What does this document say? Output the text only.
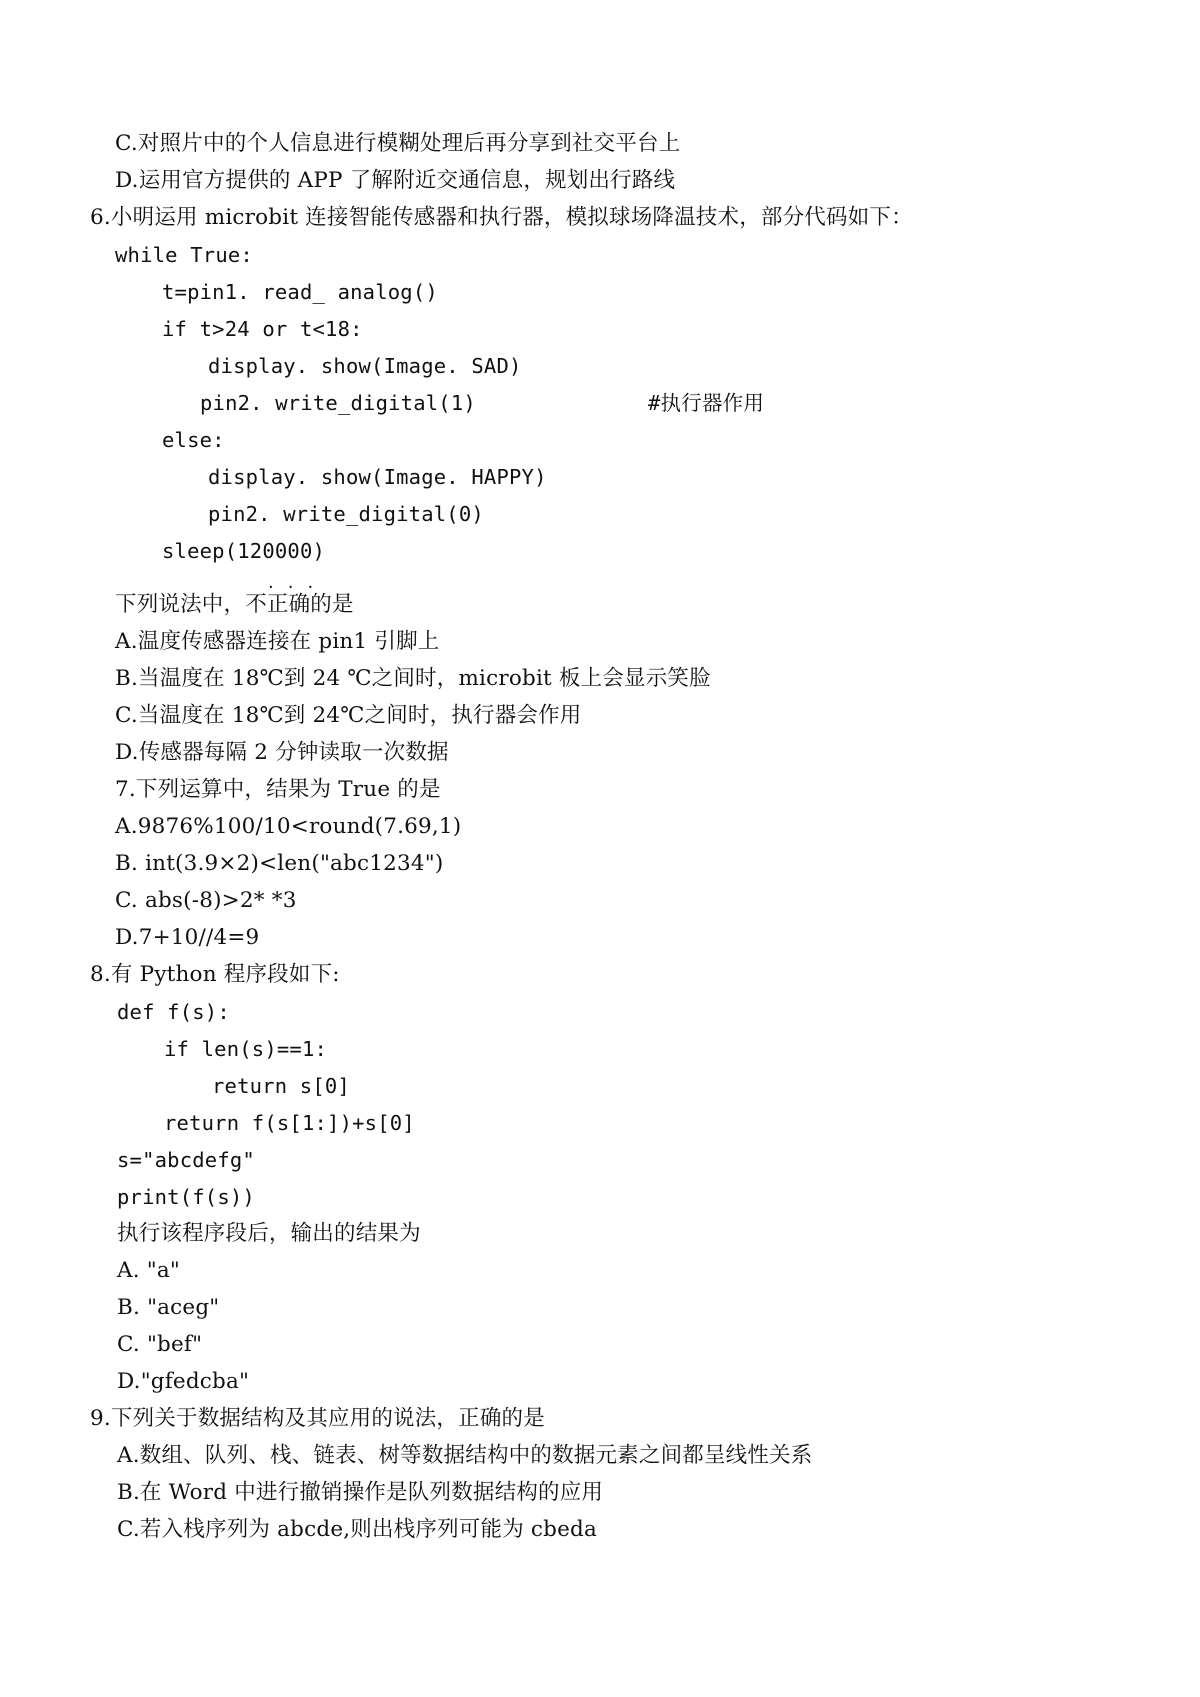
C.对照片中的个人信息进行模糊处理后再分享到社交平台上
D.运用官方提供的 APP 了解附近交通信息，规划出行路线
6.小明运用 microbit 连接智能传感器和执行器，模拟球场降温技术，部分代码如下：
while True:
t=pin1. read_ analog()
if t>24 or t<18:
display. show(Image. SAD)
pin2. write_digital(1)	#执行器作用
else:
display. show(Image. HAPPY)
pin2. write_digital(0)
sleep(120000)
···
下列说法中，不正确的是
A.温度传感器连接在 pin1 引脚上
B.当温度在 18℃到 24 ℃之间时，microbit 板上会显示笑脸
C.当温度在 18℃到 24℃之间时，执行器会作用
D.传感器每隔 2 分钟读取一次数据
7.下列运算中，结果为 True 的是
A.9876%100/10<round(7.69,1)
B. int(3.9×2)<len("abc1234")
C. abs(-8)>2* *3
D.7+10//4=9
8.有 Python 程序段如下:
def f(s):
if len(s)==1:
return s[0]
return f(s[1:])+s[0]
s="abcdefg"
print(f(s))
执行该程序段后，输出的结果为
A. "a"
B. "aceg"
C. "bef"
D."gfedcba"
9.下列关于数据结构及其应用的说法，正确的是
A.数组、队列、栈、链表、树等数据结构中的数据元素之间都呈线性关系
B.在 Word 中进行撤销操作是队列数据结构的应用
C.若入栈序列为 abcde,则出栈序列可能为 cbeda
